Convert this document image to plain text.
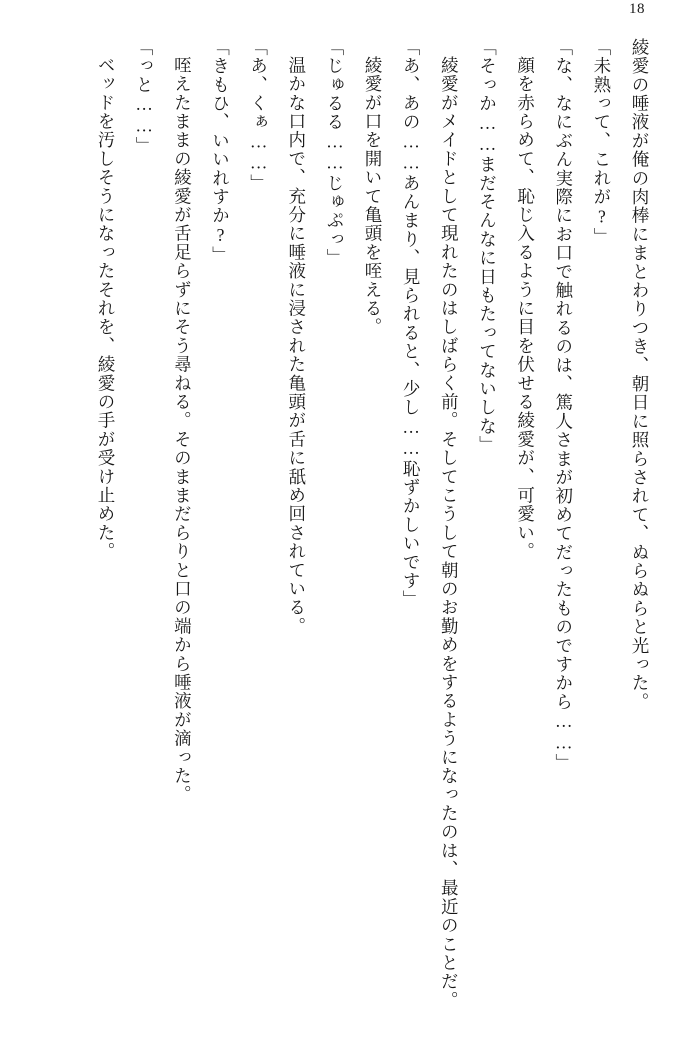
18

綾愛の唾液が俺の肉棒にまとわりつき、朝日に照らされて、ぬらぬらと光った。

「未熟って、これが?」

「な、なにぶん実際にお口で触れるのは、篤人さまが初めてだったものですから……」

顔を赤らめて、恥じ入るように目を伏せる綾愛が、可愛い。

「そっか……まだそんなに日もたってないしな」

綾愛がメイドとして現れたのはしばらく前。そしてこうして朝のお勤めをするようになったのは、最近のことだ。

「あ、あの……あんまり、見られると、少し……恥ずかしいです」

綾愛が口を開いて亀頭を咥える。

「じゅるる……じゅぷっ」

温かな口内で、充分に唾液に浸された亀頭が舌に舐め回されている。

「あ、くぁ……」

「きもひ、いいれすか?」

咥えたままの綾愛が舌足らずにそう尋ねる。そのままだらりと口の端から唾液が滴った。

「っと……」

ベッドを汚しそうになったそれを、綾愛の手が受け止めた。
